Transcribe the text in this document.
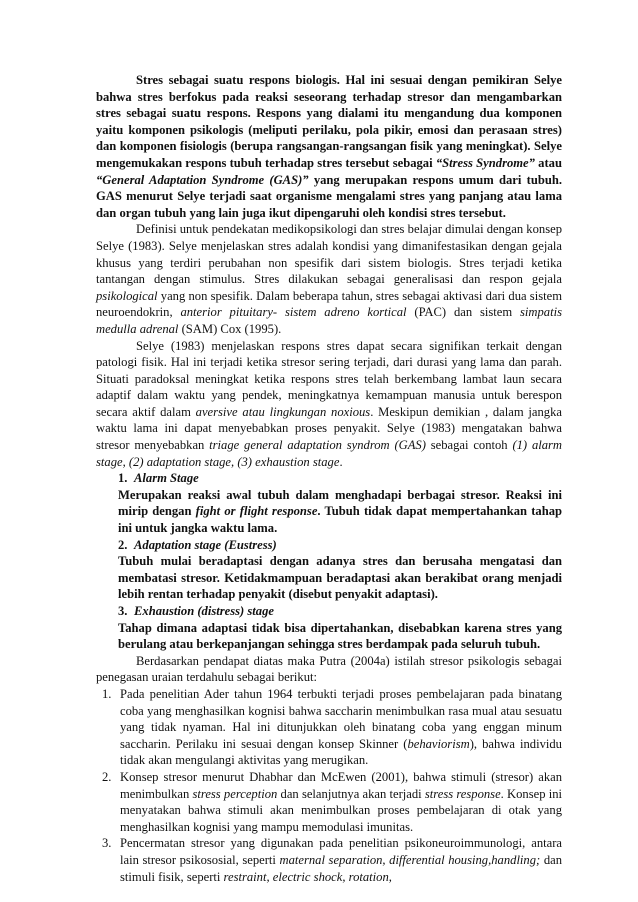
Stres sebagai suatu respons biologis. Hal ini sesuai dengan pemikiran Selye bahwa stres berfokus pada reaksi seseorang terhadap stresor dan mengambarkan stres sebagai suatu respons. Respons yang dialami itu mengandung dua komponen yaitu komponen psikologis (meliputi perilaku, pola pikir, emosi dan perasaan stres) dan komponen fisiologis (berupa rangsangan-rangsangan fisik yang meningkat). Selye mengemukakan respons tubuh terhadap stres tersebut sebagai “Stress Syndrome” atau “General Adaptation Syndrome (GAS)” yang merupakan respons umum dari tubuh. GAS menurut Selye terjadi saat organisme mengalami stres yang panjang atau lama dan organ tubuh yang lain juga ikut dipengaruhi oleh kondisi stres tersebut.

Definisi untuk pendekatan medikopsikologi dan stres belajar dimulai dengan konsep Selye (1983). Selye menjelaskan stres adalah kondisi yang dimanifestasikan dengan gejala khusus yang terdiri perubahan non spesifik dari sistem biologis. Stres terjadi ketika tantangan dengan stimulus. Stres dilakukan sebagai generalisasi dan respon gejala psikological yang non spesifik. Dalam beberapa tahun, stres sebagai aktivasi dari dua sistem neuroendokrin, anterior pituitary- sistem adreno kortical (PAC) dan sistem simpatis medulla adrenal (SAM) Cox (1995).

Selye (1983) menjelaskan respons stres dapat secara signifikan terkait dengan patologi fisik. Hal ini terjadi ketika stresor sering terjadi, dari durasi yang lama dan parah. Situati paradoksal meningkat ketika respons stres telah berkembang lambat laun secara adaptif dalam waktu yang pendek, meningkatnya kemampuan manusia untuk berespon secara aktif dalam aversive atau lingkungan noxious. Meskipun demikian , dalam jangka waktu lama ini dapat menyebabkan proses penyakit. Selye (1983) mengatakan bahwa stresor menyebabkan triage general adaptation syndrom (GAS) sebagai contoh (1) alarm stage, (2) adaptation stage, (3) exhaustion stage.

1. Alarm Stage

Merupakan reaksi awal tubuh dalam menghadapi berbagai stresor. Reaksi ini mirip dengan fight or flight response. Tubuh tidak dapat mempertahankan tahap ini untuk jangka waktu lama.

2. Adaptation stage (Eustress)

Tubuh mulai beradaptasi dengan adanya stres dan berusaha mengatasi dan membatasi stresor. Ketidakmampuan beradaptasi akan berakibat orang menjadi lebih rentan terhadap penyakit (disebut penyakit adaptasi).

3. Exhaustion (distress) stage

Tahap dimana adaptasi tidak bisa dipertahankan, disebabkan karena stres yang berulang atau berkepanjangan sehingga stres berdampak pada seluruh tubuh.

Berdasarkan pendapat diatas maka Putra (2004a) istilah stresor psikologis sebagai penegasan uraian terdahulu sebagai berikut:

1. Pada penelitian Ader tahun 1964 terbukti terjadi proses pembelajaran pada binatang coba yang menghasilkan kognisi bahwa saccharin menimbulkan rasa mual atau sesuatu yang tidak nyaman. Hal ini ditunjukkan oleh binatang coba yang enggan minum saccharin. Perilaku ini sesuai dengan konsep Skinner (behaviorism), bahwa individu tidak akan mengulangi aktivitas yang merugikan.
2. Konsep stresor menurut Dhabhar dan McEwen (2001), bahwa stimuli (stresor) akan menimbulkan stress perception dan selanjutnya akan terjadi stress response. Konsep ini menyatakan bahwa stimuli akan menimbulkan proses pembelajaran di otak yang menghasilkan kognisi yang mampu memodulasi imunitas.
3. Pencermatan stresor yang digunakan pada penelitian psikoneuroimmunologi, antara lain stresor psikososial, seperti maternal separation, differential housing,handling; dan stimuli fisik, seperti restraint, electric shock, rotation,
